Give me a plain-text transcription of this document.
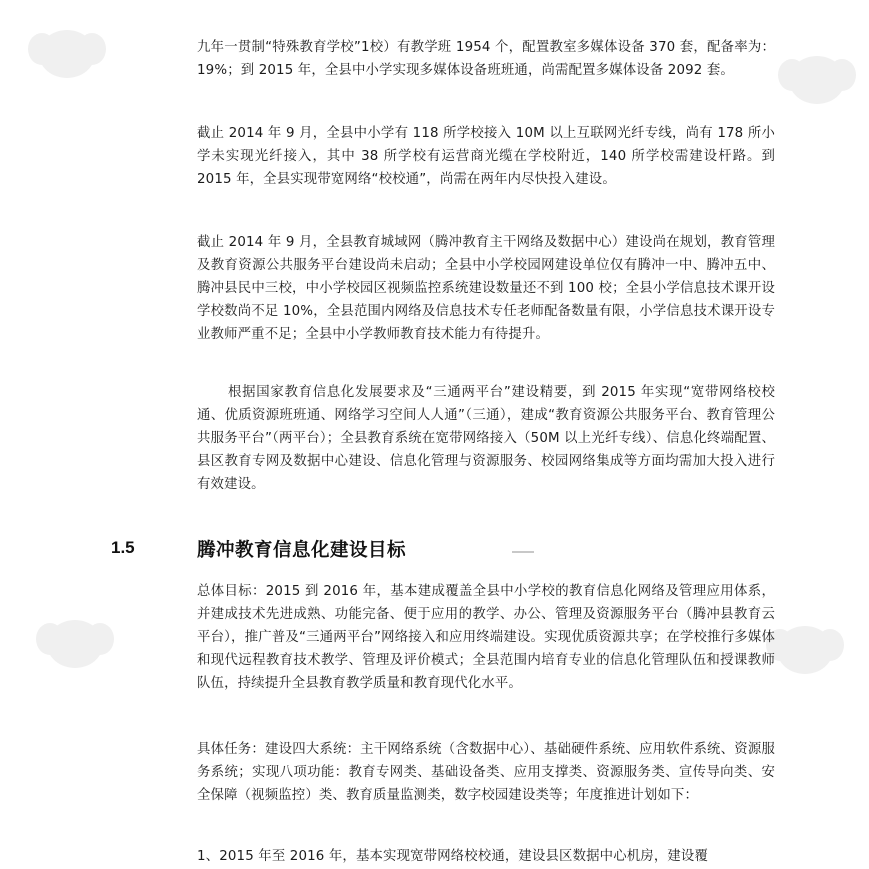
九年一贯制“特殊教育学校”1校）有教学班 1954 个，配置教室多媒体设备 370 套，配备率为：19%；到 2015 年，全县中小学实现多媒体设备班班通，尚需配置多媒体设备 2092 套。

截止 2014 年 9 月，全县中小学有 118 所学校接入 10M 以上互联网光纤专线，尚有 178 所小学未实现光纤接入，其中 38 所学校有运营商光缆在学校附近，140 所学校需建设杆路。到 2015 年，全县实现带宽网络“校校通”，尚需在两年内尽快投入建设。

截止 2014 年 9 月，全县教育城域网（腾冲教育主干网络及数据中心）建设尚在规划，教育管理及教育资源公共服务平台建设尚未启动；全县中小学校园网建设单位仅有腾冲一中、腾冲五中、腾冲县民中三校，中小学校园区视频监控系统建设数量还不到 100 校；全县小学信息技术课开设学校数尚不足 10%，全县范围内网络及信息技术专任老师配备数量有限，小学信息技术课开设专业教师严重不足；全县中小学教师教育技术能力有待提升。

根据国家教育信息化发展要求及“三通两平台”建设精要，到 2015 年实现“宽带网络校校通、优质资源班班通、网络学习空间人人通”（三通），建成“教育资源公共服务平台、教育管理公共服务平台”（两平台）；全县教育系统在宽带网络接入（50M 以上光纤专线）、信息化终端配置、县区教育专网及数据中心建设、信息化管理与资源服务、校园网络集成等方面均需加大投入进行有效建设。

1.5	腾冲教育信息化建设目标

总体目标：2015 到 2016 年，基本建成覆盖全县中小学校的教育信息化网络及管理应用体系，并建成技术先进成熟、功能完备、便于应用的教学、办公、管理及资源服务平台（腾冲县教育云平台），推广普及“三通两平台”网络接入和应用终端建设。实现优质资源共享；在学校推行多媒体和现代远程教育技术教学、管理及评价模式；全县范围内培育专业的信息化管理队伍和授课教师队伍，持续提升全县教育教学质量和教育现代化水平。

具体任务：建设四大系统：主干网络系统（含数据中心）、基础硬件系统、应用软件系统、资源服务系统；实现八项功能：教育专网类、基础设备类、应用支撑类、资源服务类、宣传导向类、安全保障（视频监控）类、教育质量监测类，数字校园建设类等；年度推进计划如下：

1、2015 年至 2016 年，基本实现宽带网络校校通，建设县区数据中心机房，建设覆
